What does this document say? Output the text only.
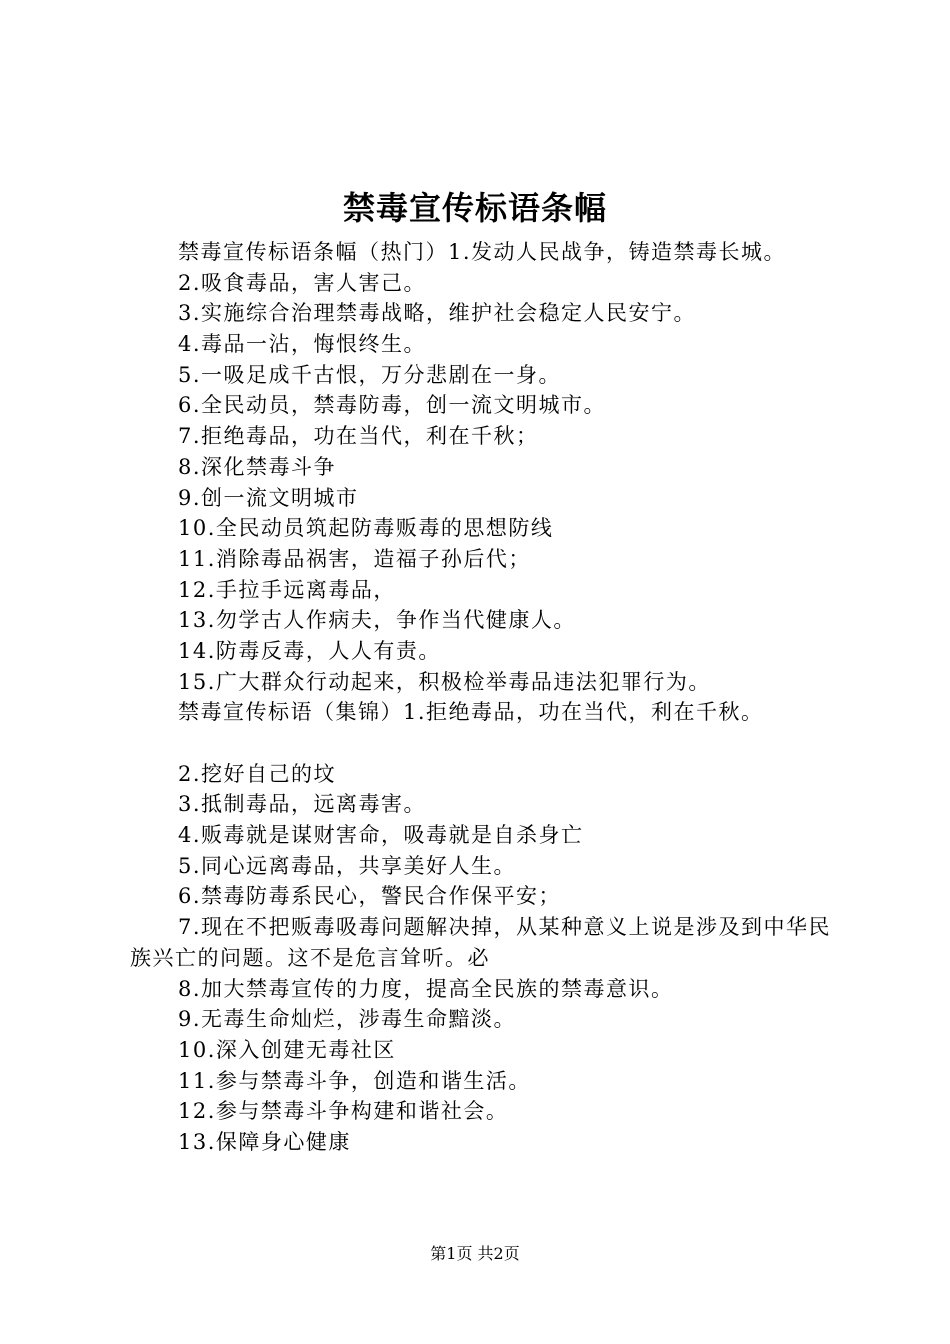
禁毒宣传标语条幅
禁毒宣传标语条幅（热门）1.发动人民战争，铸造禁毒长城。
2.吸食毒品，害人害己。
3.实施综合治理禁毒战略，维护社会稳定人民安宁。
4.毒品一沾，悔恨终生。
5.一吸足成千古恨，万分悲剧在一身。
6.全民动员，禁毒防毒，创一流文明城市。
7.拒绝毒品，功在当代，利在千秋；
8.深化禁毒斗争
9.创一流文明城市
10.全民动员筑起防毒贩毒的思想防线
11.消除毒品祸害，造福子孙后代；
12.手拉手远离毒品，
13.勿学古人作病夫，争作当代健康人。
14.防毒反毒，人人有责。
15.广大群众行动起来，积极检举毒品违法犯罪行为。
禁毒宣传标语（集锦）1.拒绝毒品，功在当代，利在千秋。
2.挖好自己的坟
3.抵制毒品，远离毒害。
4.贩毒就是谋财害命，吸毒就是自杀身亡
5.同心远离毒品，共享美好人生。
6.禁毒防毒系民心，警民合作保平安；
7.现在不把贩毒吸毒问题解决掉，从某种意义上说是涉及到中华民族兴亡的问题。这不是危言耸听。必
8.加大禁毒宣传的力度，提高全民族的禁毒意识。
9.无毒生命灿烂，涉毒生命黯淡。
10.深入创建无毒社区
11.参与禁毒斗争，创造和谐生活。
12.参与禁毒斗争构建和谐社会。
13.保障身心健康
第1页 共2页
